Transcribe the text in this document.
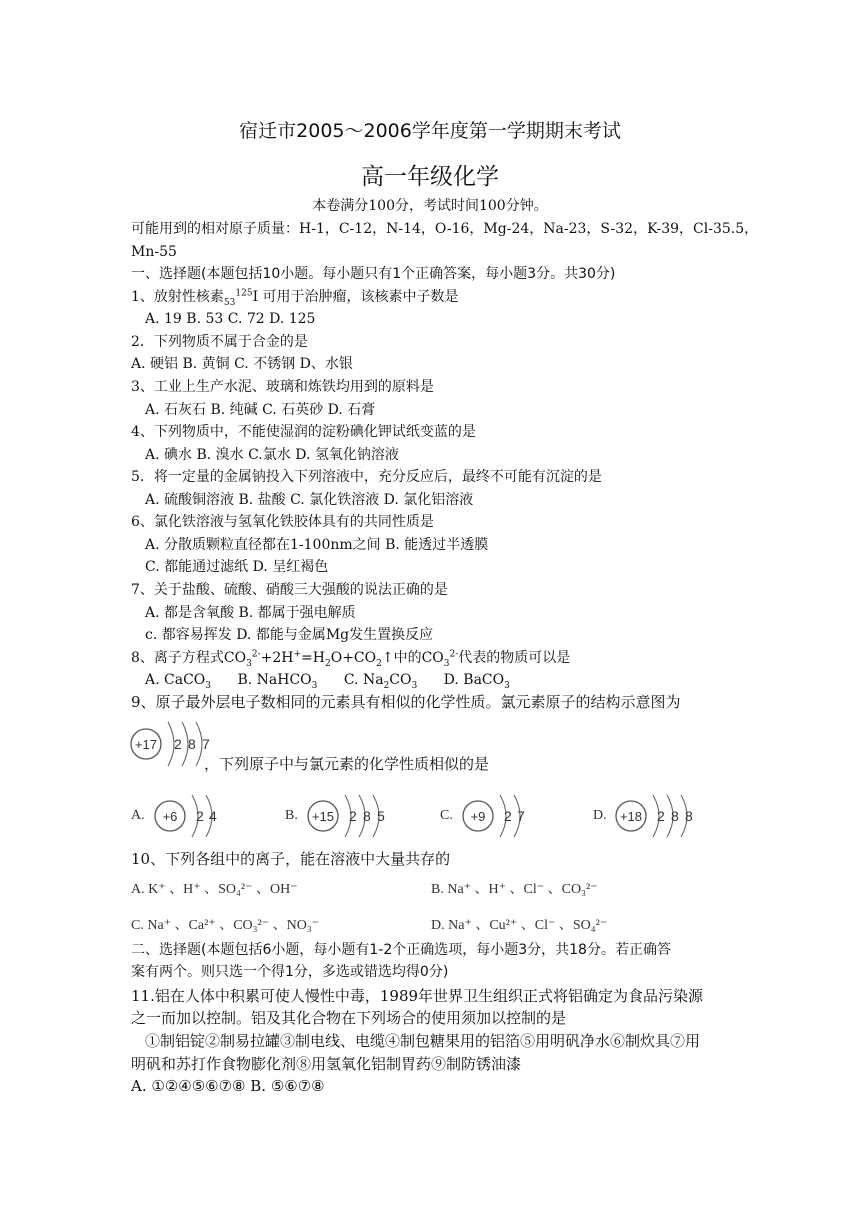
宿迁市2005～2006学年度第一学期期末考试
高一年级化学
本卷满分100分，考试时间100分钟。
可能用到的相对原子质量：H-1，C-12，N-14，O-16，Mg-24，Na-23，S-32，K-39，Cl-35.5，
Mn-55
一、选择题(本题包括10小题。每小题只有1个正确答案，每小题3分。共30分)
1、放射性核素$_{53}^{125}$I 可用于治肿瘤，该核素中子数是
A. 19 B. 53 C. 72 D. 125
2．下列物质不属于合金的是
A. 硬铝 B. 黄铜 C. 不锈钢 D、水银
3、工业上生产水泥、玻璃和炼铁均用到的原料是
A. 石灰石 B. 纯碱 C. 石英砂 D. 石膏
4、下列物质中，不能使湿润的淀粉碘化钾试纸变蓝的是
A. 碘水 B. 溴水 C.氯水 D. 氢氧化钠溶液
5．将一定量的金属钠投入下列溶液中，充分反应后，最终不可能有沉淀的是
A. 硫酸铜溶液 B. 盐酸 C. 氯化铁溶液 D. 氯化铝溶液
6、氯化铁溶液与氢氧化铁胶体具有的共同性质是
A. 分散质颗粒直径都在1-100nm之间 B. 能透过半透膜
C. 都能通过滤纸 D. 呈红褐色
7、关于盐酸、硫酸、硝酸三大强酸的说法正确的是
A. 都是含氧酸 B. 都属于强电解质
c. 都容易挥发 D. 都能与金属Mg发生置换反应
8、离子方程式$CO_3^{2-}+2H^+=H_2O+CO_2↑$中的$CO_3^{2-}$代表的物质可以是
A. CaCO$_3$ B. NaHCO$_3$ C. $Na_2CO_3$ D. BaCO$_3$
9、原子最外层电子数相同的元素具有相似的化学性质。氯元素原子的结构示意图为
+17 2 8 7
，下列原子中与氯元素的化学性质相似的是
A. +6 2 4	B. +15 2 8 5	C. +9 2 7	D. +18 2 8 8
10、下列各组中的离子，能在溶液中大量共存的
A. K⁺ 、H⁺ 、SO₄²⁻ 、OH⁻	B. Na⁺ 、H⁺ 、Cl⁻ 、CO₃²⁻
C. Na⁺ 、Ca²⁺ 、CO₃²⁻ 、NO₃⁻	D. Na⁺ 、Cu²⁺ 、Cl⁻ 、SO₄²⁻
二、选择题(本题包括6小题，每小题有1-2个正确选项，每小题3分，共18分。若正确答
案有两个。则只选一个得1分，多选或错选均得0分)
11.铝在人体中积累可使人慢性中毒，1989年世界卫生组织正式将铝确定为食品污染源
之一而加以控制。铝及其化合物在下列场合的使用须加以控制的是
①制铝锭②制易拉罐③制电线、电缆④制包糖果用的铝箔⑤用明矾净水⑥制炊具⑦用
明矾和苏打作食物膨化剂⑧用氢氧化铝制胃药⑨制防锈油漆
A. ①②④⑤⑥⑦⑧ B. ⑤⑥⑦⑧
